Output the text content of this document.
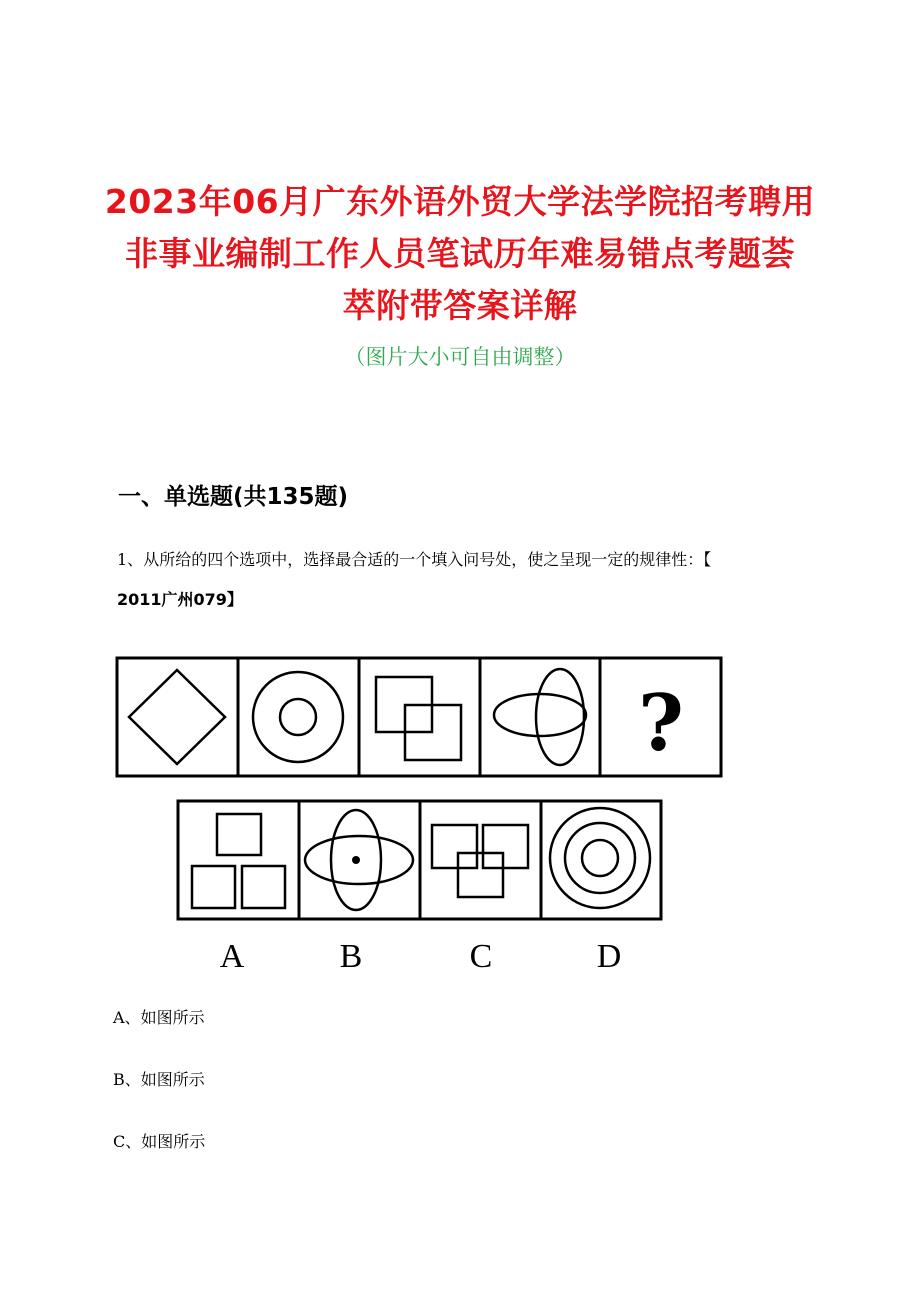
2023年06月广东外语外贸大学法学院招考聘用
非事业编制工作人员笔试历年难易错点考题荟
萃附带答案详解
（图片大小可自由调整）
一、单选题(共135题)
1、从所给的四个选项中，选择最合适的一个填入问号处，使之呈现一定的规律性：【
2011广州079】
?
A	B	C	D
A、如图所示
B、如图所示
C、如图所示
